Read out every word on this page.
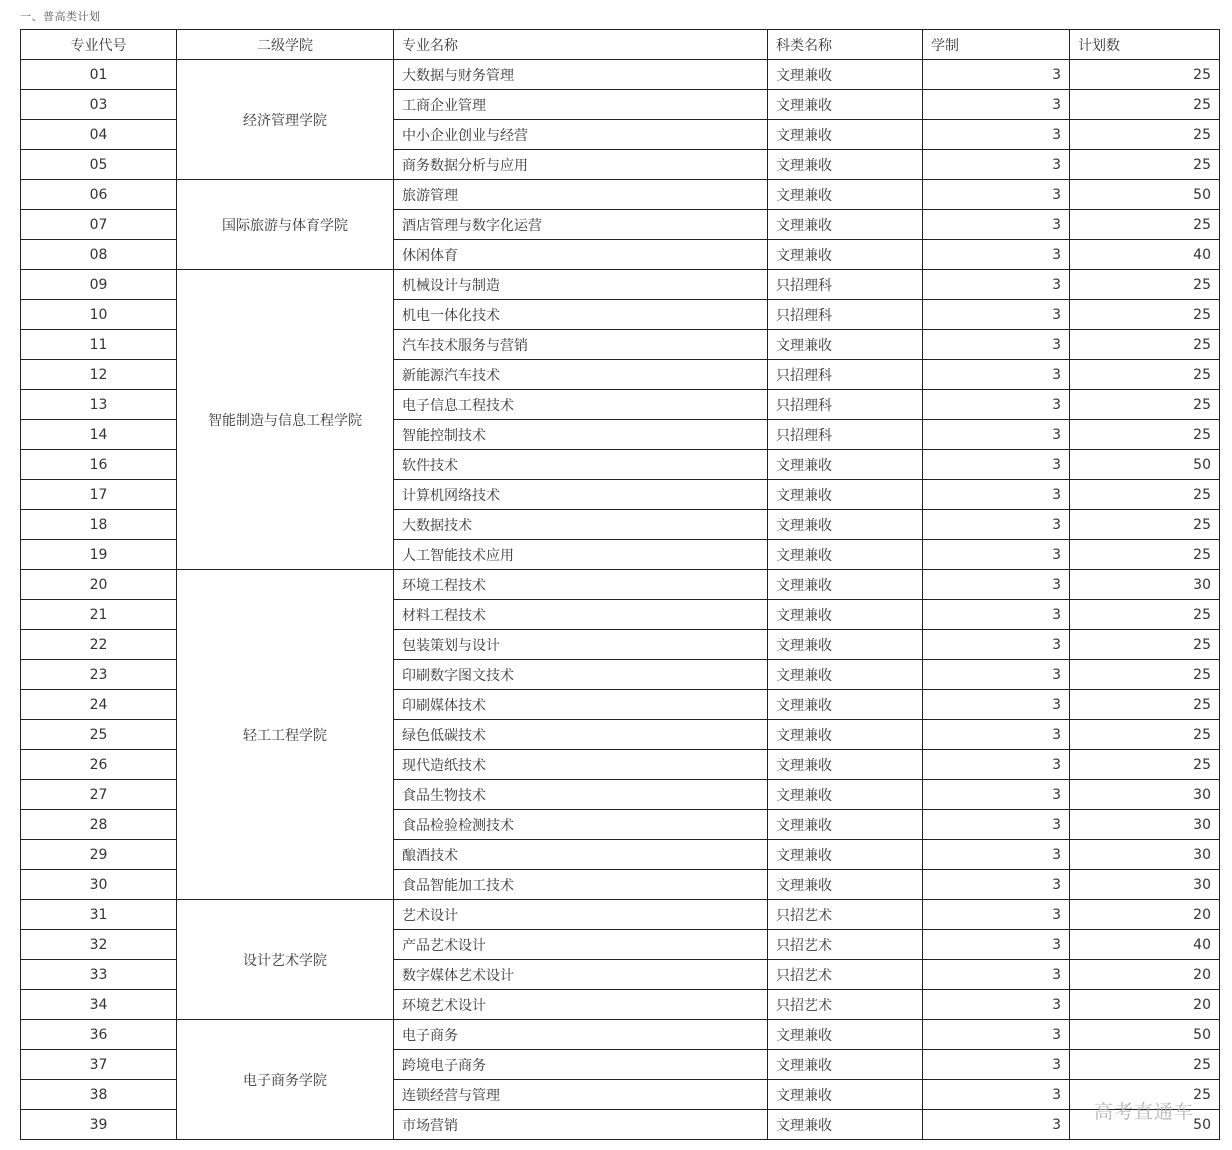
一、普高类计划
专业代号	二级学院	专业名称	科类名称	学制	计划数
01	经济管理学院	大数据与财务管理	文理兼收	3	25
03		工商企业管理	文理兼收	3	25
04		中小企业创业与经营	文理兼收	3	25
05		商务数据分析与应用	文理兼收	3	25
06	国际旅游与体育学院	旅游管理	文理兼收	3	50
07		酒店管理与数字化运营	文理兼收	3	25
08		休闲体育	文理兼收	3	40
09	智能制造与信息工程学院	机械设计与制造	只招理科	3	25
10		机电一体化技术	只招理科	3	25
11		汽车技术服务与营销	文理兼收	3	25
12		新能源汽车技术	只招理科	3	25
13		电子信息工程技术	只招理科	3	25
14		智能控制技术	只招理科	3	25
16		软件技术	文理兼收	3	50
17		计算机网络技术	文理兼收	3	25
18		大数据技术	文理兼收	3	25
19		人工智能技术应用	文理兼收	3	25
20	轻工工程学院	环境工程技术	文理兼收	3	30
21		材料工程技术	文理兼收	3	25
22		包装策划与设计	文理兼收	3	25
23		印刷数字图文技术	文理兼收	3	25
24		印刷媒体技术	文理兼收	3	25
25		绿色低碳技术	文理兼收	3	25
26		现代造纸技术	文理兼收	3	25
27		食品生物技术	文理兼收	3	30
28		食品检验检测技术	文理兼收	3	30
29		酿酒技术	文理兼收	3	30
30		食品智能加工技术	文理兼收	3	30
31	设计艺术学院	艺术设计	只招艺术	3	20
32		产品艺术设计	只招艺术	3	40
33		数字媒体艺术设计	只招艺术	3	20
34		环境艺术设计	只招艺术	3	20
36	电子商务学院	电子商务	文理兼收	3	50
37		跨境电子商务	文理兼收	3	25
38		连锁经营与管理	文理兼收	3	25
39		市场营销	文理兼收	3	50
高考直通车
